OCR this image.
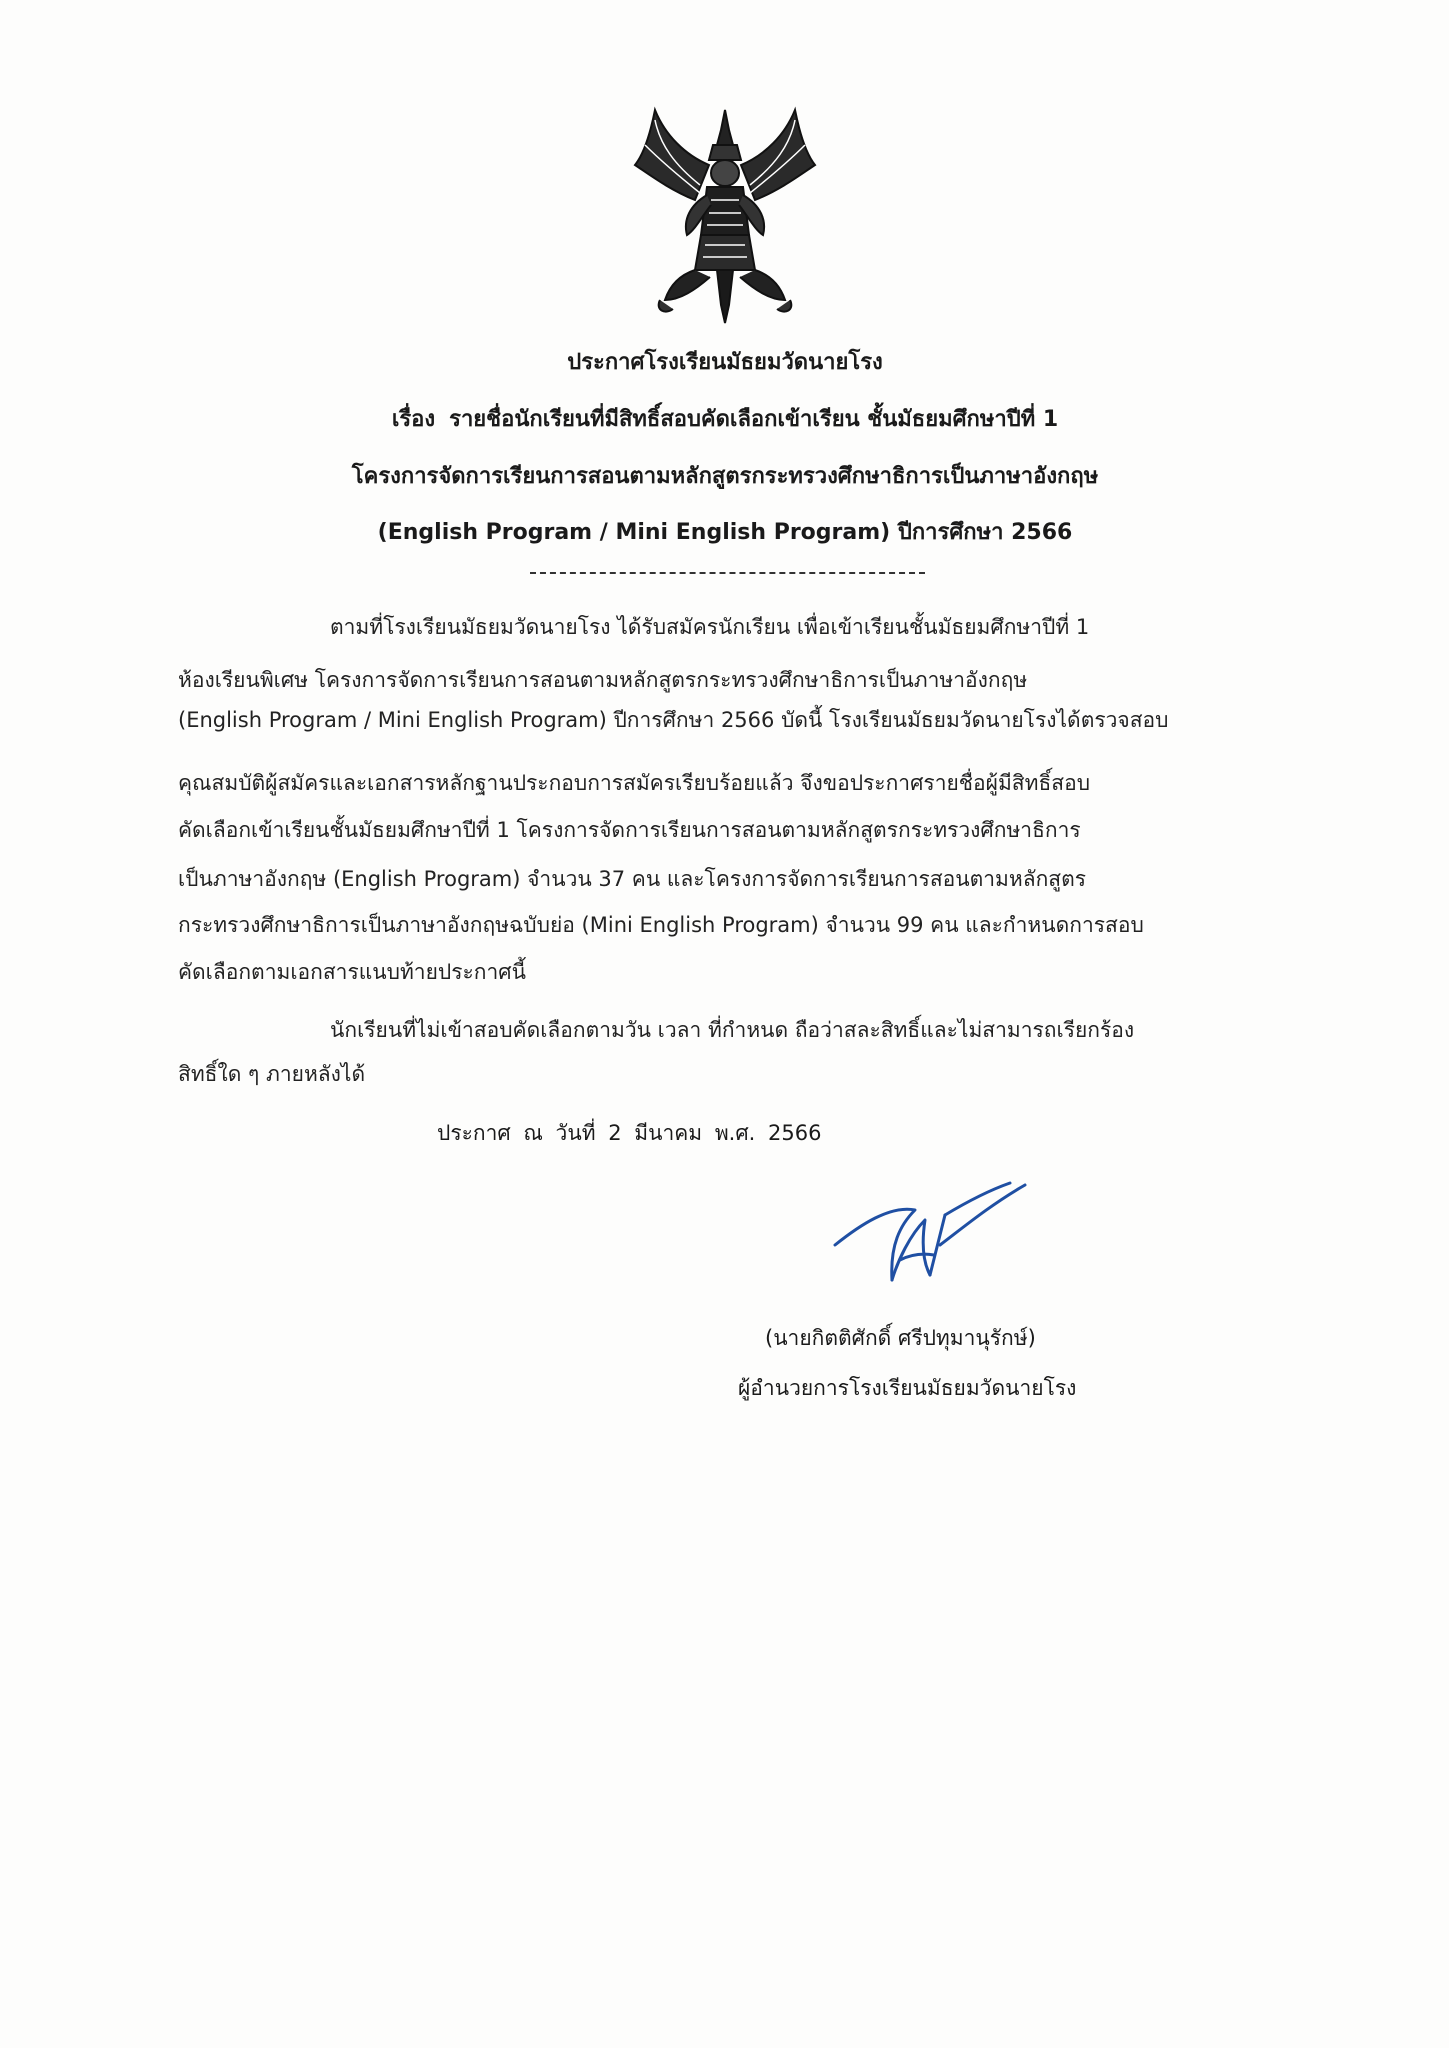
ประกาศโรงเรียนมัธยมวัดนายโรง
เรื่อง รายชื่อนักเรียนที่มีสิทธิ์สอบคัดเลือกเข้าเรียน ชั้นมัธยมศึกษาปีที่ 1
โครงการจัดการเรียนการสอนตามหลักสูตรกระทรวงศึกษาธิการเป็นภาษาอังกฤษ
(English Program / Mini English Program) ปีการศึกษา 2566
ตามที่โรงเรียนมัธยมวัดนายโรง ได้รับสมัครนักเรียน เพื่อเข้าเรียนชั้นมัธยมศึกษาปีที่ 1
ห้องเรียนพิเศษ โครงการจัดการเรียนการสอนตามหลักสูตรกระทรวงศึกษาธิการเป็นภาษาอังกฤษ
(English Program / Mini English Program) ปีการศึกษา 2566 บัดนี้ โรงเรียนมัธยมวัดนายโรงได้ตรวจสอบ
คุณสมบัติผู้สมัครและเอกสารหลักฐานประกอบการสมัครเรียบร้อยแล้ว จึงขอประกาศรายชื่อผู้มีสิทธิ์สอบ
คัดเลือกเข้าเรียนชั้นมัธยมศึกษาปีที่ 1 โครงการจัดการเรียนการสอนตามหลักสูตรกระทรวงศึกษาธิการ
เป็นภาษาอังกฤษ (English Program) จำนวน 37 คน และโครงการจัดการเรียนการสอนตามหลักสูตร
กระทรวงศึกษาธิการเป็นภาษาอังกฤษฉบับย่อ (Mini English Program) จำนวน 99 คน และกำหนดการสอบ
คัดเลือกตามเอกสารแนบท้ายประกาศนี้
นักเรียนที่ไม่เข้าสอบคัดเลือกตามวัน เวลา ที่กำหนด ถือว่าสละสิทธิ์และไม่สามารถเรียกร้อง
สิทธิ์ใด ๆ ภายหลังได้
ประกาศ ณ วันที่ 2 มีนาคม พ.ศ. 2566
(นายกิตติศักดิ์ ศรีปทุมานุรักษ์)
ผู้อำนวยการโรงเรียนมัธยมวัดนายโรง
